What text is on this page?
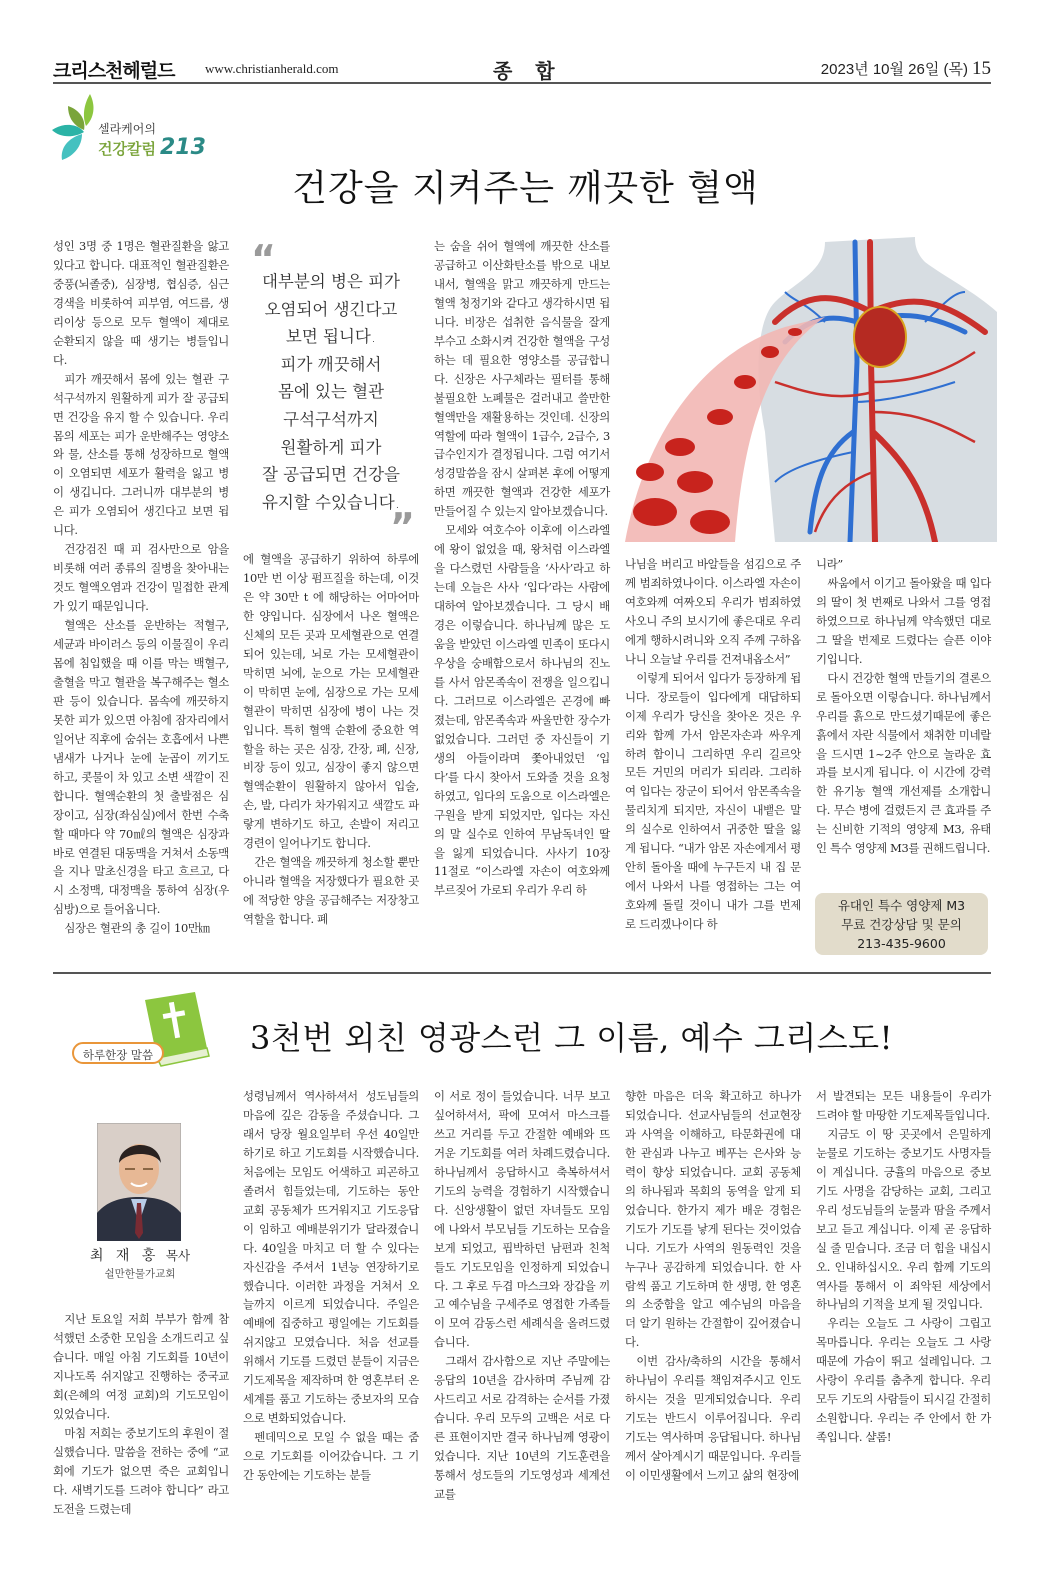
크리스천헤럴드 www.christianherald.com	종 합	2023년 10월 26일 (목) 15
셀라케어의
건강칼럼 213
건강을 지켜주는 깨끗한 혈액

성인 3명 중 1명은 혈관질환을 앓고 있다고 합니다. 대표적인 혈관질환은 중풍(뇌졸중), 심장병, 협심증, 심근경색을 비롯하여 피부염, 여드름, 생리이상 등으로 모두 혈액이 제대로 순환되지 않을 때 생기는 병들입니다.

피가 깨끗해서 몸에 있는 혈관 구석구석까지 원활하게 피가 잘 공급되면 건강을 유지 할 수 있습니다. 우리 몸의 세포는 피가 운반해주는 영양소와 물, 산소를 통해 성장하므로 혈액이 오염되면 세포가 활력을 잃고 병이 생깁니다. 그러니까 대부분의 병은 피가 오염되어 생긴다고 보면 됩니다.

건강검진 때 피 검사만으로 암을 비롯해 여러 종류의 질병을 찾아내는 것도 혈액오염과 건강이 밀접한 관계가 있기 때문입니다.

혈액은 산소를 운반하는 적혈구, 세균과 바이러스 등의 이물질이 우리 몸에 침입했을 때 이를 막는 백혈구, 출혈을 막고 혈관을 복구해주는 혈소판 등이 있습니다. 몸속에 깨끗하지 못한 피가 있으면 아침에 잠자리에서 일어난 직후에 숨쉬는 호흡에서 나쁜 냄새가 나거나 눈에 눈곱이 끼기도 하고, 콧물이 차 있고 소변 색깔이 진합니다. 혈액순환의 첫 출발점은 심장이고, 심장(좌심실)에서 한번 수축할 때마다 약 70㎖의 혈액은 심장과 바로 연결된 대동맥을 거쳐서 소동맥을 지나 말초신경을 타고 흐르고, 다시 소정맥, 대정맥을 통하여 심장(우심방)으로 들어옵니다.

심장은 혈관의 총 길이 10만㎞

“
대부분의 병은 피가
오염되어 생긴다고
보면 됩니다.
피가 깨끗해서
몸에 있는 혈관
구석구석까지
원활하게 피가
잘 공급되면 건강을
유지할 수있습니다.
”

에 혈액을 공급하기 위하여 하루에 10만 번 이상 펌프질을 하는데, 이것은 약 30만 t 에 해당하는 어마어마한 양입니다. 심장에서 나온 혈액은 신체의 모든 곳과 모세혈관으로 연결되어 있는데, 뇌로 가는 모세혈관이 막히면 뇌에, 눈으로 가는 모세혈관이 막히면 눈에, 심장으로 가는 모세혈관이 막히면 심장에 병이 나는 것입니다. 특히 혈액 순환에 중요한 역할을 하는 곳은 심장, 간장, 폐, 신장, 비장 등이 있고, 심장이 좋지 않으면 혈액순환이 원활하지 않아서 입술, 손, 발, 다리가 차가워지고 색깔도 파랗게 변하기도 하고, 손발이 저리고 경련이 일어나기도 합니다.

간은 혈액을 깨끗하게 청소할 뿐만 아니라 혈액을 저장했다가 필요한 곳에 적당한 양을 공급해주는 저장창고 역할을 합니다. 폐

는 숨을 쉬어 혈액에 깨끗한 산소를 공급하고 이산화탄소를 밖으로 내보내서, 혈액을 맑고 깨끗하게 만드는 혈액 청정기와 같다고 생각하시면 됩니다. 비장은 섭취한 음식물을 잘게 부수고 소화시켜 건강한 혈액을 구성하는 데 필요한 영양소를 공급합니다. 신장은 사구체라는 필터를 통해 불필요한 노폐물은 걸러내고 쓸만한 혈액만을 재활용하는 것인데. 신장의 역할에 따라 혈액이 1급수, 2급수, 3급수인지가 결정됩니다. 그럼 여기서 성경말씀을 잠시 살펴본 후에 어떻게 하면 깨끗한 혈액과 건강한 세포가 만들어질 수 있는지 알아보겠습니다.

모세와 여호수아 이후에 이스라엘에 왕이 없었을 때, 왕처럼 이스라엘을 다스렸던 사람들을 ‘사사’라고 하는데 오늘은 사사 ‘입다’라는 사람에 대하여 알아보겠습니다. 그 당시 배경은 이렇습니다. 하나님께 많은 도움을 받았던 이스라엘 민족이 또다시 우상을 숭배함으로서 하나님의 진노를 사서 암몬족속이 전쟁을 일으킵니다. 그러므로 이스라엘은 곤경에 빠졌는데, 암몬족속과 싸울만한 장수가 없었습니다. 그러던 중 자신들이 기생의 아들이라며 쫓아내었던 ‘입다’를 다시 찾아서 도와줄 것을 요청하였고, 입다의 도움으로 이스라엘은 구원을 받게 되었지만, 입다는 자신의 말 실수로 인하여 무남독녀인 딸을 잃게 되었습니다. 사사기 10장 11절로 “이스라엘 자손이 여호와께 부르짖어 가로되 우리가 우리 하

나님을 버리고 바알들을 섬김으로 주께 범죄하였나이다. 이스라엘 자손이 여호와께 여짜오되 우리가 범죄하였사오니 주의 보시기에 좋은대로 우리에게 행하시려니와 오직 주께 구하옵나니 오늘날 우리를 건져내옵소서”

이렇게 되어서 입다가 등장하게 됩니다. 장로들이 입다에게 대답하되 이제 우리가 당신을 찾아온 것은 우리와 함께 가서 암몬자손과 싸우게 하려 함이니 그리하면 우리 길르앗 모든 거민의 머리가 되리라. 그리하여 입다는 장군이 되어서 암몬족속을 물리치게 되지만, 자신이 내뱉은 말의 실수로 인하여서 귀중한 딸을 잃게 됩니다. “내가 암몬 자손에게서 평안히 돌아올 때에 누구든지 내 집 문에서 나와서 나를 영접하는 그는 여호와께 돌릴 것이니 내가 그를 번제로 드리겠나이다 하

니라”

싸움에서 이기고 돌아왔을 때 입다의 딸이 첫 번째로 나와서 그를 영접하였으므로 하나님께 약속했던 대로 그 딸을 번제로 드렸다는 슬픈 이야기입니다.

다시 건강한 혈액 만들기의 결론으로 돌아오면 이렇습니다. 하나님께서 우리를 흙으로 만드셨기때문에 좋은 흙에서 자란 식물에서 채취한 미네랄을 드시면 1~2주 안으로 놀라운 효과를 보시게 됩니다. 이 시간에 강력한 유기농 혈액 개선제를 소개합니다. 무슨 병에 걸렸든지 큰 효과를 주는 신비한 기적의 영양제 M3, 유태인 특수 영양제 M3를 권해드립니다.

유대인 특수 영양제 M3
무료 건강상담 및 문의
213-435-9600
하루한장 말씀	3천번 외친 영광스런 그 이름, 예수 그리스도!
최 재 홍 목사
쉴만한물가교회

지난 토요일 저희 부부가 함께 참석했던 소중한 모임을 소개드리고 싶습니다. 매일 아침 기도회를 10년이 지나도록 쉬지않고 진행하는 중국교회(은혜의 여정 교회)의 기도모임이 있었습니다.

마침 저희는 중보기도의 후원이 절실했습니다. 말씀을 전하는 중에 “교회에 기도가 없으면 죽은 교회입니다. 새벽기도를 드려야 합니다” 라고 도전을 드렸는데

성령님께서 역사하셔서 성도님들의 마음에 깊은 감동을 주셨습니다. 그래서 당장 월요일부터 우선 40일만 하기로 하고 기도회를 시작했습니다. 처음에는 모임도 어색하고 피곤하고 졸려서 힘들었는데, 기도하는 동안 교회 공동체가 뜨거워지고 기도응답이 임하고 예배분위기가 달라졌습니다. 40일을 마치고 더 할 수 있다는 자신감을 주셔서 1년능 연장하기로 했습니다. 이러한 과정을 거쳐서 오늘까지 이르게 되었습니다. 주일은 예배에 집중하고 평일에는 기도회를 쉬지않고 모였습니다. 처음 선교를 위해서 기도를 드렸던 분들이 지금은 기도제목을 제작하며 한 영혼부터 온 세계를 품고 기도하는 중보자의 모습으로 변화되었습니다.

펜데믹으로 모일 수 없을 때는 줌으로 기도회를 이어갔습니다. 그 기간 동안에는 기도하는 분들

이 서로 정이 들었습니다. 너무 보고 싶어하셔서, 팍에 모여서 마스크를 쓰고 거리를 두고 간절한 예배와 뜨거운 기도회를 여러 차례드렸습니다. 하나님께서 응답하시고 축복하셔서 기도의 능력을 경험하기 시작했습니다. 신앙생활이 없던 자녀들도 모임에 나와서 부모님들 기도하는 모습을 보게 되었고, 핍박하던 남편과 친척들도 기도모임을 인정하게 되었습니다. 그 후로 두겹 마스크와 장갑을 끼고 예수님을 구세주로 영접한 가족들이 모여 감동스런 세례식을 올려드렸습니다.

그래서 감사함으로 지난 주말에는 응답의 10년을 감사하며 주님께 감사드리고 서로 감격하는 순서를 가졌습니다. 우리 모두의 고백은 서로 다른 표현이지만 결국 하나님께 영광이었습니다. 지난 10년의 기도훈련을 통해서 성도들의 기도영성과 세계선교를

향한 마음은 더욱 확고하고 하나가 되었습니다. 선교사님들의 선교현장과 사역을 이해하고, 타문화권에 대한 관심과 나누고 베푸는 은사와 능력이 향상 되었습니다. 교회 공동체의 하나됨과 목회의 동역을 알게 되었습니다. 한가지 제가 배운 경험은 기도가 기도를 낳게 된다는 것이었습니다. 기도가 사역의 원동력인 것을 누구나 공감하게 되었습니다. 한 사람씩 품고 기도하며 한 생명, 한 영혼의 소중함을 알고 예수님의 마음을 더 알기 원하는 간절함이 깊어졌습니다.

이번 감사/축하의 시간을 통해서 하나님이 우리를 책임져주시고 인도하시는 것을 믿게되었습니다. 우리 기도는 반드시 이루어집니다. 우리 기도는 역사하며 응답됩니다. 하나님께서 살아계시기 때문입니다. 우리들이 이민생활에서 느끼고 삶의 현장에

서 발견되는 모든 내용들이 우리가 드려야 할 마땅한 기도제목들입니다.

지금도 이 땅 곳곳에서 은밀하게 눈물로 기도하는 중보기도 사명자들이 계십니다. 긍휼의 마음으로 중보기도 사명을 감당하는 교회, 그리고 우리 성도님들의 눈물과 땀을 주께서 보고 듣고 계십니다. 이제 곧 응답하실 줄 믿습니다. 조금 더 힘을 내십시오. 인내하십시오. 우리 함께 기도의 역사를 통해서 이 죄악된 세상에서 하나님의 기적을 보게 될 것입니다.

우리는 오늘도 그 사랑이 그립고 목마릅니다. 우리는 오늘도 그 사랑때문에 가슴이 뛰고 설레입니다. 그 사랑이 우리를 춤추게 합니다. 우리 모두 기도의 사람들이 되시길 간절히 소원합니다. 우리는 주 안에서 한 가족입니다. 샬롬!
